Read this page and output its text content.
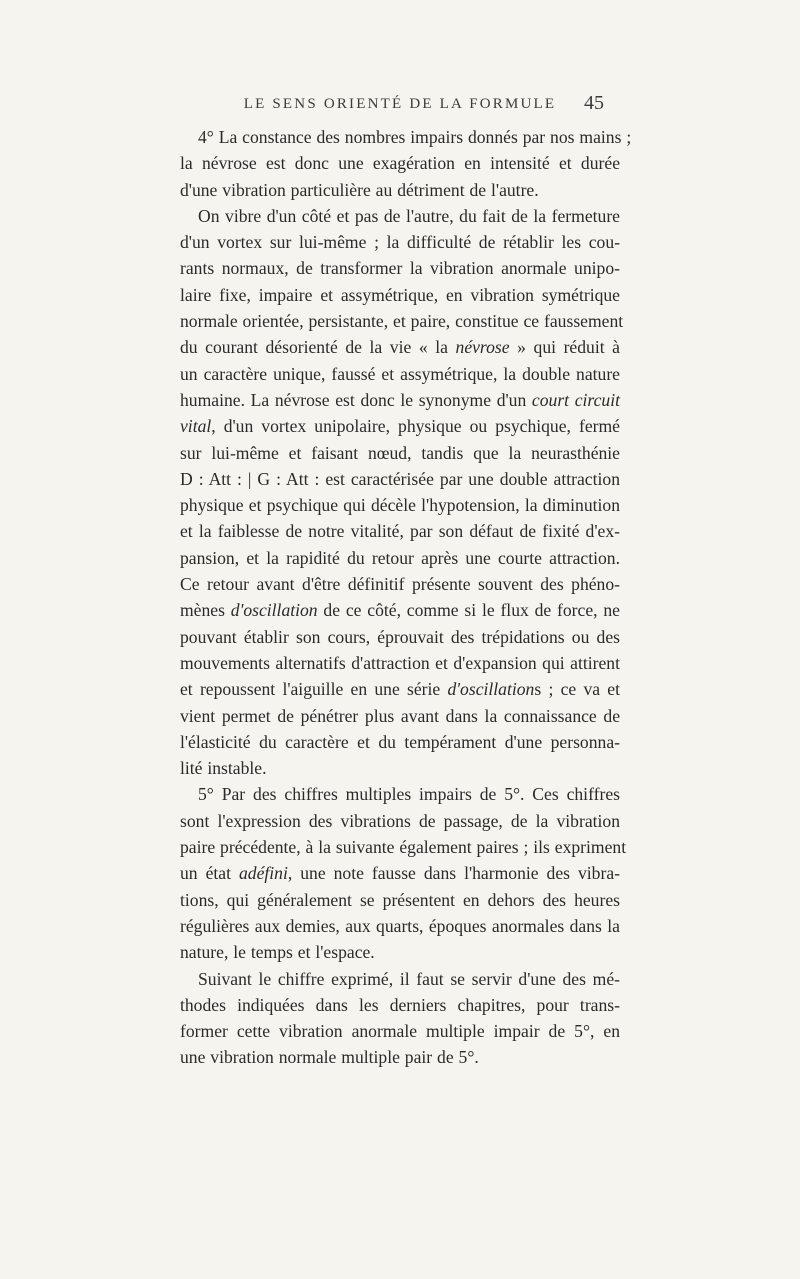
LE SENS ORIENTÉ DE LA FORMULE	45
4° La constance des nombres impairs donnés par nos mains ;
la névrose est donc une exagération en intensité et durée
d'une vibration particulière au détriment de l'autre.
On vibre d'un côté et pas de l'autre, du fait de la fermeture
d'un vortex sur lui-même ; la difficulté de rétablir les cou-
rants normaux, de transformer la vibration anormale unipo-
laire fixe, impaire et assymétrique, en vibration symétrique
normale orientée, persistante, et paire, constitue ce faussement
du courant désorienté de la vie « la névrose » qui réduit à
un caractère unique, faussé et assymétrique, la double nature
humaine. La névrose est donc le synonyme d'un court circuit
vital, d'un vortex unipolaire, physique ou psychique, fermé
sur lui-même et faisant nœud, tandis que la neurasthénie
D : Att : | G : Att : est caractérisée par une double attraction
physique et psychique qui décèle l'hypotension, la diminution
et la faiblesse de notre vitalité, par son défaut de fixité d'ex-
pansion, et la rapidité du retour après une courte attraction.
Ce retour avant d'être définitif présente souvent des phéno-
mènes d'oscillation de ce côté, comme si le flux de force, ne
pouvant établir son cours, éprouvait des trépidations ou des
mouvements alternatifs d'attraction et d'expansion qui attirent
et repoussent l'aiguille en une série d'oscillations ; ce va et
vient permet de pénétrer plus avant dans la connaissance de
l'élasticité du caractère et du tempérament d'une personna-
lité instable.
5° Par des chiffres multiples impairs de 5°. Ces chiffres
sont l'expression des vibrations de passage, de la vibration
paire précédente, à la suivante également paires ; ils expriment
un état adéfini, une note fausse dans l'harmonie des vibra-
tions, qui généralement se présentent en dehors des heures
régulières aux demies, aux quarts, époques anormales dans la
nature, le temps et l'espace.
Suivant le chiffre exprimé, il faut se servir d'une des mé-
thodes indiquées dans les derniers chapitres, pour trans-
former cette vibration anormale multiple impair de 5°, en
une vibration normale multiple pair de 5°.
